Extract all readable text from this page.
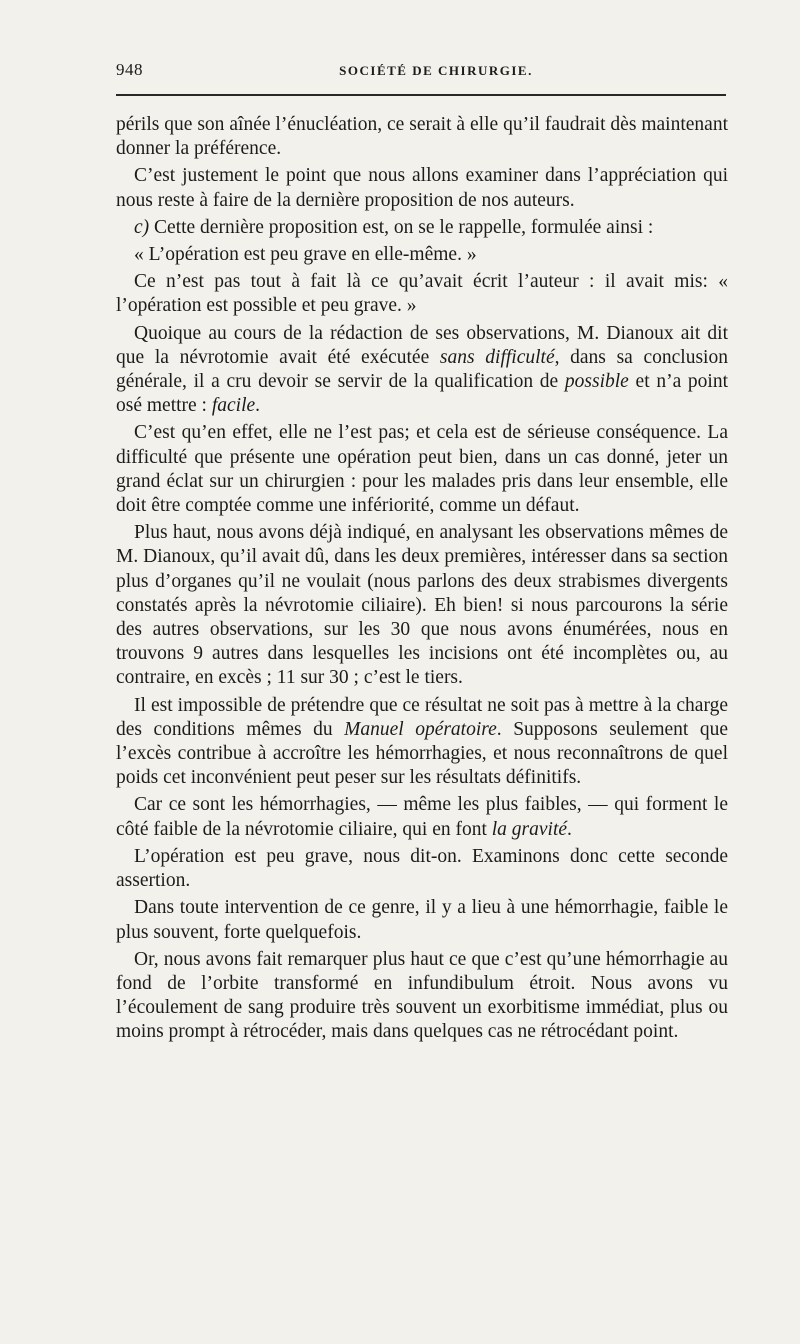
948	SOCIÉTÉ DE CHIRURGIE.

périls que son aînée l’énucléation, ce serait à elle qu’il faudrait dès maintenant donner la préférence.

C’est justement le point que nous allons examiner dans l’appréciation qui nous reste à faire de la dernière proposition de nos auteurs.

c) Cette dernière proposition est, on se le rappelle, formulée ainsi :

« L’opération est peu grave en elle-même. »

Ce n’est pas tout à fait là ce qu’avait écrit l’auteur : il avait mis: « l’opération est possible et peu grave. »

Quoique au cours de la rédaction de ses observations, M. Dianoux ait dit que la névrotomie avait été exécutée sans difficulté, dans sa conclusion générale, il a cru devoir se servir de la qualification de possible et n’a point osé mettre : facile.

C’est qu’en effet, elle ne l’est pas; et cela est de sérieuse conséquence. La difficulté que présente une opération peut bien, dans un cas donné, jeter un grand éclat sur un chirurgien : pour les malades pris dans leur ensemble, elle doit être comptée comme une infériorité, comme un défaut.

Plus haut, nous avons déjà indiqué, en analysant les observations mêmes de M. Dianoux, qu’il avait dû, dans les deux premières, intéresser dans sa section plus d’organes qu’il ne voulait (nous parlons des deux strabismes divergents constatés après la névrotomie ciliaire). Eh bien! si nous parcourons la série des autres observations, sur les 30 que nous avons énumérées, nous en trouvons 9 autres dans lesquelles les incisions ont été incomplètes ou, au contraire, en excès ; 11 sur 30 ; c’est le tiers.

Il est impossible de prétendre que ce résultat ne soit pas à mettre à la charge des conditions mêmes du Manuel opératoire. Supposons seulement que l’excès contribue à accroître les hémorrhagies, et nous reconnaîtrons de quel poids cet inconvénient peut peser sur les résultats définitifs.

Car ce sont les hémorrhagies, — même les plus faibles, — qui forment le côté faible de la névrotomie ciliaire, qui en font la gravité.

L’opération est peu grave, nous dit-on. Examinons donc cette seconde assertion.

Dans toute intervention de ce genre, il y a lieu à une hémorrhagie, faible le plus souvent, forte quelquefois.

Or, nous avons fait remarquer plus haut ce que c’est qu’une hémorrhagie au fond de l’orbite transformé en infundibulum étroit. Nous avons vu l’écoulement de sang produire très souvent un exorbitisme immédiat, plus ou moins prompt à rétrocéder, mais dans quelques cas ne rétrocédant point.
